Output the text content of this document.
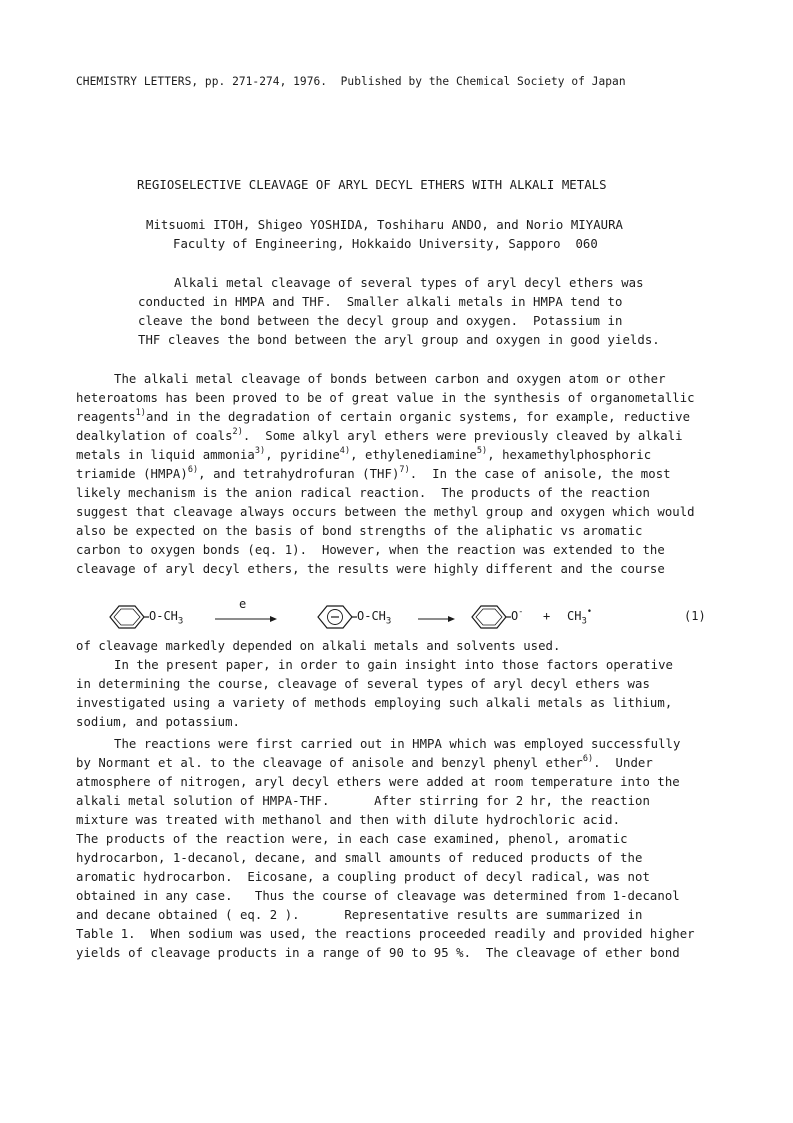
CHEMISTRY LETTERS, pp. 271-274, 1976.  Published by the Chemical Society of Japan
REGIOSELECTIVE CLEAVAGE OF ARYL DECYL ETHERS WITH ALKALI METALS
Mitsuomi ITOH, Shigeo YOSHIDA, Toshiharu ANDO, and Norio MIYAURA
Faculty of Engineering, Hokkaido University, Sapporo  060
Alkali metal cleavage of several types of aryl decyl ethers was
conducted in HMPA and THF.  Smaller alkali metals in HMPA tend to
cleave the bond between the decyl group and oxygen.  Potassium in
THF cleaves the bond between the aryl group and oxygen in good yields.
The alkali metal cleavage of bonds between carbon and oxygen atom or other
heteroatoms has been proved to be of great value in the synthesis of organometallic
reagents$^{1)}$and in the degradation of certain organic systems, for example, reductive
dealkylation of coals$^{2)}$.  Some alkyl aryl ethers were previously cleaved by alkali
metals in liquid ammonia$^{3)}$, pyridine$^{4)}$, ethylenediamine$^{5)}$, hexamethylphosphoric
triamide (HMPA)$^{6)}$, and tetrahydrofuran (THF)$^{7)}$.  In the case of anisole, the most
likely mechanism is the anion radical reaction.  The products of the reaction
suggest that cleavage always occurs between the methyl group and oxygen which would
also be expected on the basis of bond strengths of the aliphatic vs aromatic
carbon to oxygen bonds (eq. 1).  However, when the reaction was extended to the
cleavage of aryl decyl ethers, the results were highly different and the course
$O-CH_3$
e
$O-CH_3$	$O^- + CH_3^•$	(1)
of cleavage markedly depended on alkali metals and solvents used.
In the present paper, in order to gain insight into those factors operative
in determining the course, cleavage of several types of aryl decyl ethers was
investigated using a variety of methods employing such alkali metals as lithium,
sodium, and potassium.
The reactions were first carried out in HMPA which was employed successfully
by Normant et al. to the cleavage of anisole and benzyl phenyl ether$^{6)}$.  Under
atmosphere of nitrogen, aryl decyl ethers were added at room temperature into the
alkali metal solution of HMPA-THF.      After stirring for 2 hr, the reaction
mixture was treated with methanol and then with dilute hydrochloric acid.
The products of the reaction were, in each case examined, phenol, aromatic
hydrocarbon, 1-decanol, decane, and small amounts of reduced products of the
aromatic hydrocarbon.  Eicosane, a coupling product of decyl radical, was not
obtained in any case.   Thus the course of cleavage was determined from 1-decanol
and decane obtained ( eq. 2 ).      Representative results are summarized in
Table 1.  When sodium was used, the reactions proceeded readily and provided higher
yields of cleavage products in a range of 90 to 95 %.  The cleavage of ether bond
